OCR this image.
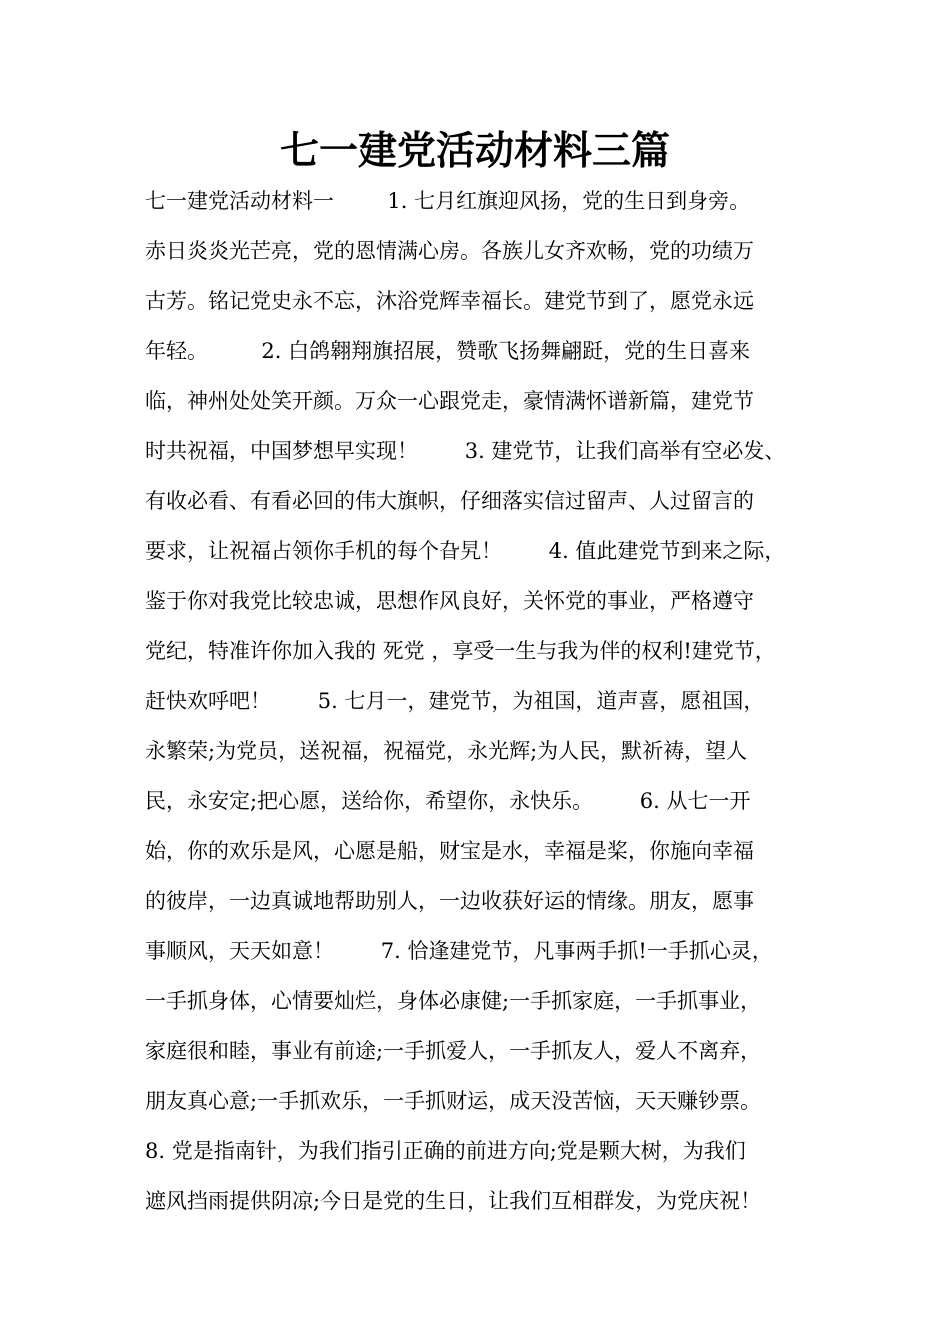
七一建党活动材料三篇

七一建党活动材料一        1. 七月红旗迎风扬，党的生日到身旁。

赤日炎炎光芒亮，党的恩情满心房。各族儿女齐欢畅，党的功绩万

古芳。铭记党史永不忘，沐浴党辉幸福长。建党节到了，愿党永远

年轻。        2. 白鸽翱翔旗招展，赞歌飞扬舞翩跹，党的生日喜来

临，神州处处笑开颜。万众一心跟党走，豪情满怀谱新篇，建党节

时共祝福，中国梦想早实现！       3. 建党节，让我们高举有空必发、

有收必看、有看必回的伟大旗帜，仔细落实信过留声、人过留言的

要求，让祝福占领你手机的每个旮旯！       4. 值此建党节到来之际，

鉴于你对我党比较忠诚，思想作风良好，关怀党的事业，严格遵守

党纪，特准许你加入我的 死党 ，享受一生与我为伴的权利!建党节，

赶快欢呼吧！       5. 七月一，建党节，为祖国，道声喜，愿祖国，

永繁荣;为党员，送祝福，祝福党，永光辉;为人民，默祈祷，望人

民，永安定;把心愿，送给你，希望你，永快乐。       6. 从七一开

始，你的欢乐是风，心愿是船，财宝是水，幸福是桨，你施向幸福

的彼岸，一边真诚地帮助别人，一边收获好运的情缘。朋友，愿事

事顺风，天天如意！       7. 恰逢建党节，凡事两手抓!一手抓心灵，

一手抓身体，心情要灿烂，身体必康健;一手抓家庭，一手抓事业，

家庭很和睦，事业有前途;一手抓爱人，一手抓友人，爱人不离弃，

朋友真心意;一手抓欢乐，一手抓财运，成天没苦恼，天天赚钞票。

8. 党是指南针，为我们指引正确的前进方向;党是颗大树，为我们

遮风挡雨提供阴凉;今日是党的生日，让我们互相群发，为党庆祝！
